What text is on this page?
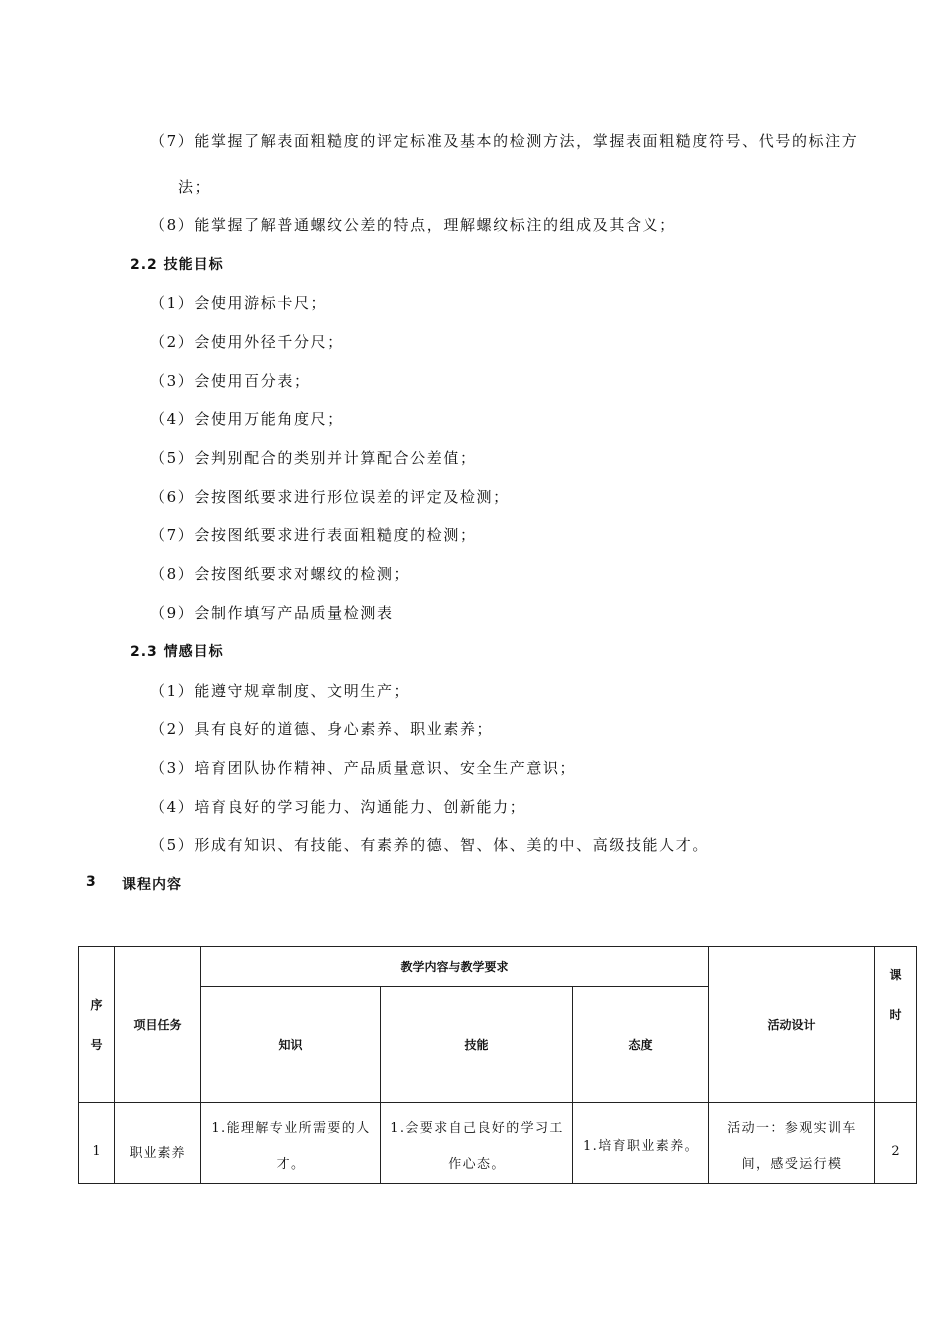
（7）能掌握了解表面粗糙度的评定标准及基本的检测方法，掌握表面粗糙度符号、代号的标注方
法；
（8）能掌握了解普通螺纹公差的特点，理解螺纹标注的组成及其含义；
2.2 技能目标
（1）会使用游标卡尺；
（2）会使用外径千分尺；
（3）会使用百分表；
（4）会使用万能角度尺；
（5）会判别配合的类别并计算配合公差值；
（6）会按图纸要求进行形位误差的评定及检测；
（7）会按图纸要求进行表面粗糙度的检测；
（8）会按图纸要求对螺纹的检测；
（9）会制作填写产品质量检测表
2.3 情感目标
（1）能遵守规章制度、文明生产；
（2）具有良好的道德、身心素养、职业素养；
（3）培育团队协作精神、产品质量意识、安全生产意识；
（4）培育良好的学习能力、沟通能力、创新能力；
（5）形成有知识、有技能、有素养的德、智、体、美的中、高级技能人才。
3 课程内容
序号	项目任务	教学内容与教学要求			活动设计	课时
		知识	技能	态度		
1	职业素养	1.能理解专业所需要的人才。	1.会要求自己良好的学习工作心态。	1.培育职业素养。	活动一：参观实训车间，感受运行模	2
